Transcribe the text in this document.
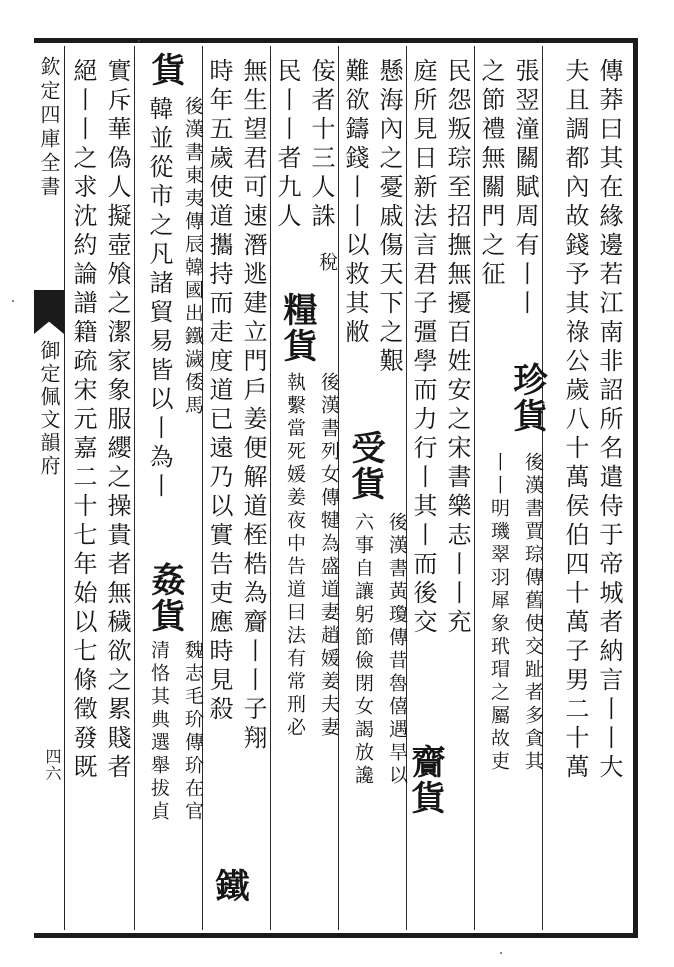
欽定四庫全書
御定佩文韻府
四六	傳莽曰其在緣邊若江南非詔所名遣侍于帝城者納言丨丨大
夫且調都內故錢予其祿公歲八十萬侯伯四十萬子男二十萬
張翌潼關賦周有丨丨
之節禮無關門之征
珍貨
後漢書賈琮傳舊使交趾者多貪其
丨丨明璣翠羽犀象玳瑁之屬故吏
民怨叛琮至招撫無擾百姓安之宋書樂志丨丨充
庭所見日新法言君子彊學而力行丨其丨而後交
齎貨
懸海內之憂戚傷天下之艱
難欲鑄錢丨丨以救其敝
受貨
後漢書黃瓊傳昔魯僖遇旱以
六事自讓躬節儉閉女謁放讒
侫者十三人誅
民丨丨者九人
稅
糧貨
後漢書列女傳犍為盛道妻趙媛姜夫妻
執繫當死媛姜夜中告道曰法有常刑必
無生望君可速潛逃建立門戶姜便解道桎梏為齎丨丨子翔
時年五歲使道攜持而走度道已遠乃以實告吏應時見殺
鐵
貨
後漢書東夷傳辰韓國出鐵濊倭馬
韓並從市之凡諸貿易皆以丨為丨
姦貨
魏志毛玠傳玠在官
清恪其典選舉拔貞
實斥華偽人擬壺飧之潔家象服纓之操貴者無穢欲之累賤者
絕丨丨之求沈約論譜籍疏宋元嘉二十七年始以七條徵發既
